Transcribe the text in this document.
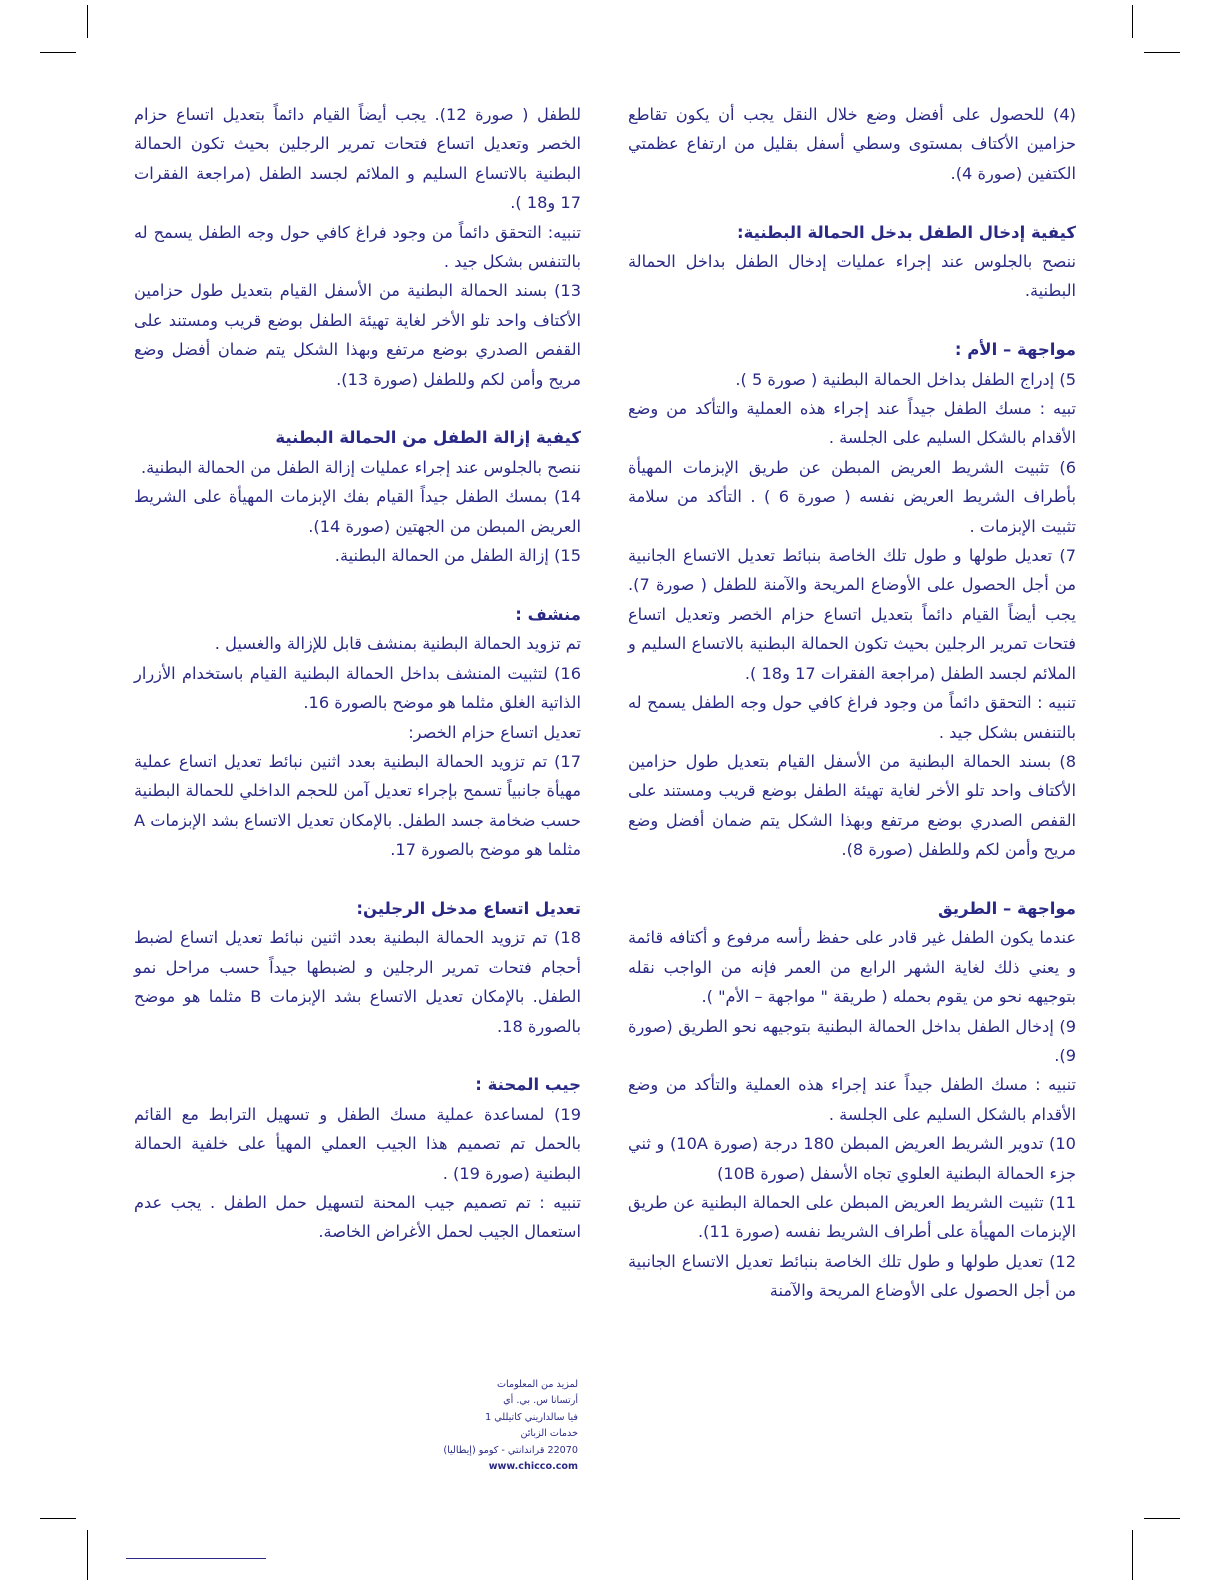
(4) للحصول على أفضل وضع خلال النقل يجب أن يكون تقاطع حزامين الأكتاف بمستوى وسطي أسفل بقليل من ارتفاع عظمتي الكتفين (صورة 4).

كيفية إدخال الطفل بدخل الحمالة البطنية:

ننصح بالجلوس عند إجراء عمليات إدخال الطفل بداخل الحمالة البطنية.

مواجهة – الأم :

5) إدراج الطفل بداخل الحمالة البطنية ( صورة 5 ).

تبيه : مسك الطفل جيداً عند إجراء هذه العملية والتأكد من وضع الأقدام بالشكل السليم على الجلسة .

6) تثبيت الشريط العريض المبطن عن طريق الإبزمات المهيأة بأطراف الشريط العريض نفسه ( صورة 6 ) . التأكد من سلامة تثبيت الإبزمات .

7) تعديل طولها و طول تلك الخاصة بنبائط تعديل الاتساع الجانبية من أجل الحصول على الأوضاع المريحة والآمنة للطفل ( صورة 7). يجب أيضاً القيام دائماً بتعديل اتساع حزام الخصر وتعديل اتساع فتحات تمرير الرجلين بحيث تكون الحمالة البطنية بالاتساع السليم و الملائم لجسد الطفل (مراجعة الفقرات 17 و18 ).

تنبيه : التحقق دائماً من وجود فراغ كافي حول وجه الطفل يسمح له بالتنفس بشكل جيد .

8) بسند الحمالة البطنية من الأسفل القيام بتعديل طول حزامين الأكتاف واحد تلو الأخر لغاية تهيئة الطفل بوضع قريب ومستند على القفص الصدري بوضع مرتفع وبهذا الشكل يتم ضمان أفضل وضع مريح وأمن لكم وللطفل (صورة 8).

مواجهة – الطريق

عندما يكون الطفل غير قادر على حفظ رأسه مرفوع و أكتافه قائمة و يعني ذلك لغاية الشهر الرابع من العمر فإنه من الواجب نقله بتوجيهه نحو من يقوم بحمله ( طريقة " مواجهة – الأم" ).

9) إدخال الطفل بداخل الحمالة البطنية بتوجيهه نحو الطريق (صورة 9).

تنبيه : مسك الطفل جيداً عند إجراء هذه العملية والتأكد من وضع الأقدام بالشكل السليم على الجلسة .

10) تدوير الشريط العريض المبطن 180 درجة (صورة 10A) و ثني جزء الحمالة البطنية العلوي تجاه الأسفل (صورة 10B)

11) تثبيت الشريط العريض المبطن على الحمالة البطنية عن طريق الإبزمات المهيأة على أطراف الشريط نفسه (صورة 11).

12) تعديل طولها و طول تلك الخاصة بنبائط تعديل الاتساع الجانبية من أجل الحصول على الأوضاع المريحة والآمنة

للطفل ( صورة 12). يجب أيضاً القيام دائماً بتعديل اتساع حزام الخصر وتعديل اتساع فتحات تمرير الرجلين بحيث تكون الحمالة البطنية بالاتساع السليم و الملائم لجسد الطفل (مراجعة الفقرات 17 و18 ).

تنبيه: التحقق دائماً من وجود فراغ كافي حول وجه الطفل يسمح له بالتنفس بشكل جيد .

13) بسند الحمالة البطنية من الأسفل القيام بتعديل طول حزامين الأكتاف واحد تلو الأخر لغاية تهيئة الطفل بوضع قريب ومستند على القفص الصدري بوضع مرتفع وبهذا الشكل يتم ضمان أفضل وضع مريح وأمن لكم وللطفل (صورة 13).

كيفية إزالة الطفل من الحمالة البطنية

ننصح بالجلوس عند إجراء عمليات إزالة الطفل من الحمالة البطنية.

14) بمسك الطفل جيداً القيام بفك الإبزمات المهيأة على الشريط العريض المبطن من الجهتين (صورة 14).

15) إزالة الطفل من الحمالة البطنية.

منشف :

تم تزويد الحمالة البطنية بمنشف قابل للإزالة والغسيل .

16) لتثبيت المنشف بداخل الحمالة البطنية القيام باستخدام الأزرار الذاتية الغلق مثلما هو موضح بالصورة 16.

تعديل اتساع حزام الخصر:

17) تم تزويد الحمالة البطنية بعدد اثنين نبائط تعديل اتساع عملية مهيأة جانبياً تسمح بإجراء تعديل آمن للحجم الداخلي للحمالة البطنية حسب ضخامة جسد الطفل. بالإمكان تعديل الاتساع بشد الإبزمات A مثلما هو موضح بالصورة 17.

تعديل اتساع مدخل الرجلين:

18) تم تزويد الحمالة البطنية بعدد اثنين نبائط تعديل اتساع لضبط أحجام فتحات تمرير الرجلين و لضبطها جيداً حسب مراحل نمو الطفل. بالإمكان تعديل الاتساع بشد الإبزمات B مثلما هو موضح بالصورة 18.

جيب المحنة :

19) لمساعدة عملية مسك الطفل و تسهيل الترابط مع القائم بالحمل تم تصميم هذا الجيب العملي المهيأ على خلفية الحمالة البطنية (صورة 19) .

تنبيه : تم تصميم جيب المحنة لتسهيل حمل الطفل . يجب عدم استعمال الجيب لحمل الأغراض الخاصة.

لمزيد من المعلومات
أرتسانا س. بي. أي
فيا سالداريني كاتيللي 1
خدمات الزبائن
22070 قراندانتي - كومو (إيطاليا)
www.chicco.com
